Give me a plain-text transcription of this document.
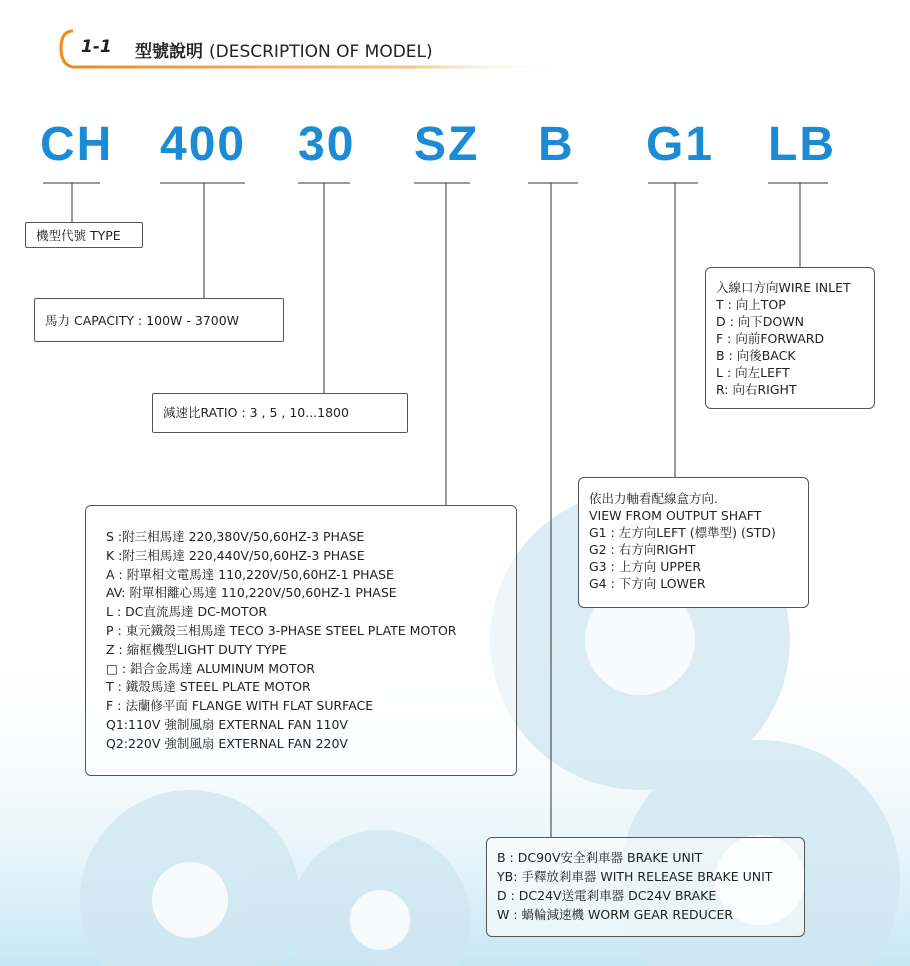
1-1 型號說明 (DESCRIPTION OF MODEL)
CH 400 30 SZ B G1 LB
機型代號 TYPE
馬力 CAPACITY : 100W - 3700W
減速比RATIO : 3 , 5 , 10...1800
入線口方向WIRE INLET
T : 向上TOP
D : 向下DOWN
F : 向前FORWARD
B : 向後BACK
L : 向左LEFT
R: 向右RIGHT
依出力軸看配線盒方向.
VIEW FROM OUTPUT SHAFT
G1 : 左方向LEFT (標準型) (STD)
G2 : 右方向RIGHT
G3 : 上方向 UPPER
G4 : 下方向 LOWER
S :附三相馬達 220,380V/50,60HZ-3 PHASE
K :附三相馬達 220,440V/50,60HZ-3 PHASE
A : 附單相文電馬達 110,220V/50,60HZ-1 PHASE
AV: 附單相離心馬達 110,220V/50,60HZ-1 PHASE
L : DC直流馬達 DC-MOTOR
P : 東元鐵殼三相馬達 TECO 3-PHASE STEEL PLATE MOTOR
Z : 縮框機型LIGHT DUTY TYPE
□ : 鋁合金馬達 ALUMINUM MOTOR
T : 鐵殼馬達 STEEL PLATE MOTOR
F : 法蘭修平面 FLANGE WITH FLAT SURFACE
Q1:110V 強制風扇 EXTERNAL FAN 110V
Q2:220V 強制風扇 EXTERNAL FAN 220V
B : DC90V安全剎車器 BRAKE UNIT
YB: 手釋放剎車器 WITH RELEASE BRAKE UNIT
D : DC24V送電剎車器 DC24V BRAKE
W : 蝸輪減速機 WORM GEAR REDUCER
